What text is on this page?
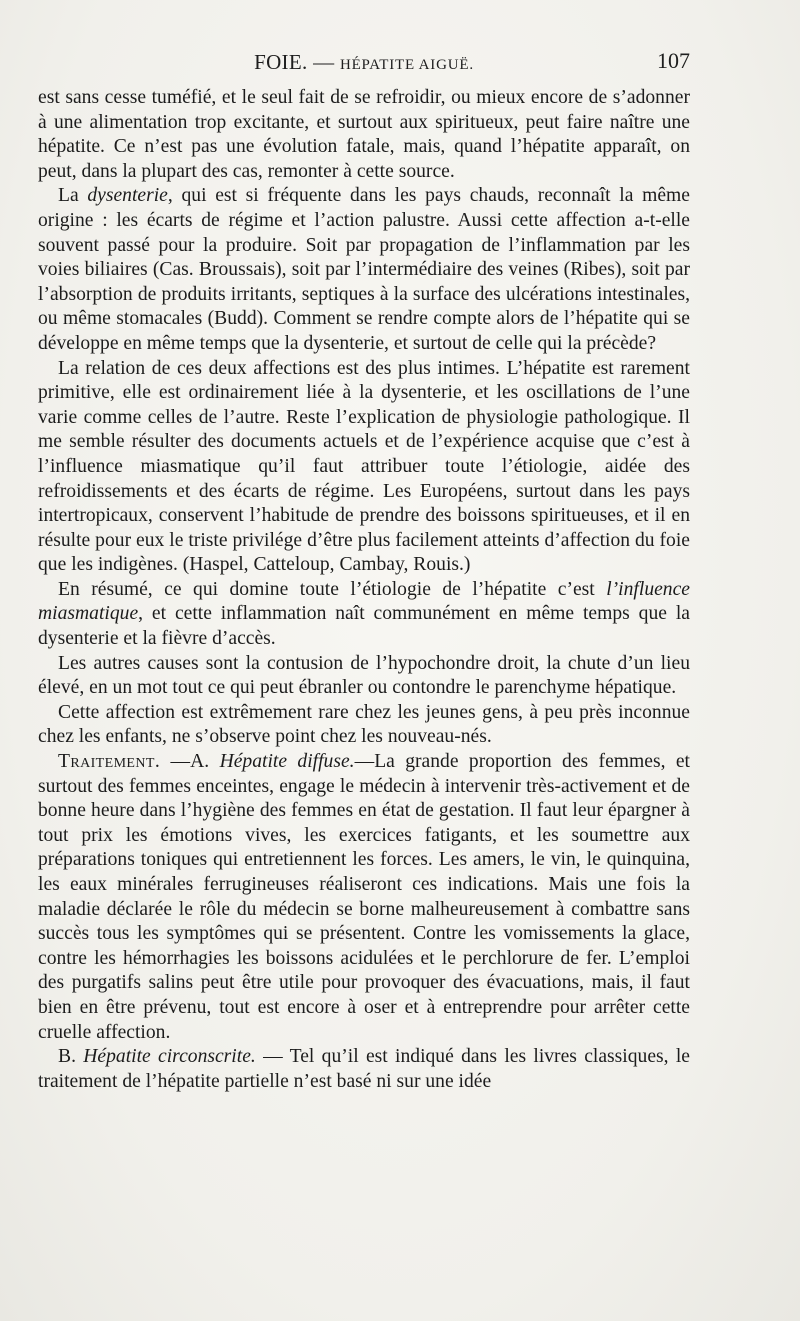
FOIE. — HÉPATITE AIGUË.	107

est sans cesse tuméfié, et le seul fait de se refroidir, ou mieux encore de s’adonner à une alimentation trop excitante, et surtout aux spiritueux, peut faire naître une hépatite. Ce n’est pas une évolution fatale, mais, quand l’hépatite apparaît, on peut, dans la plupart des cas, remonter à cette source.

La dysenterie, qui est si fréquente dans les pays chauds, reconnaît la même origine : les écarts de régime et l’action palustre. Aussi cette affection a-t-elle souvent passé pour la produire. Soit par propagation de l’inflammation par les voies biliaires (Cas. Broussais), soit par l’intermédiaire des veines (Ribes), soit par l’absorption de produits irritants, septiques à la surface des ulcérations intestinales, ou même stomacales (Budd). Comment se rendre compte alors de l’hépatite qui se développe en même temps que la dysenterie, et surtout de celle qui la précède?

La relation de ces deux affections est des plus intimes. L’hépatite est rarement primitive, elle est ordinairement liée à la dysenterie, et les oscillations de l’une varie comme celles de l’autre. Reste l’explication de physiologie pathologique. Il me semble résulter des documents actuels et de l’expérience acquise que c’est à l’influence miasmatique qu’il faut attribuer toute l’étiologie, aidée des refroidissements et des écarts de régime. Les Européens, surtout dans les pays intertropicaux, conservent l’habitude de prendre des boissons spiritueuses, et il en résulte pour eux le triste privilége d’être plus facilement atteints d’affection du foie que les indigènes. (Haspel, Catteloup, Cambay, Rouis.)

En résumé, ce qui domine toute l’étiologie de l’hépatite c’est l’influence miasmatique, et cette inflammation naît communément en même temps que la dysenterie et la fièvre d’accès.

Les autres causes sont la contusion de l’hypochondre droit, la chute d’un lieu élevé, en un mot tout ce qui peut ébranler ou contondre le parenchyme hépatique.

Cette affection est extrêmement rare chez les jeunes gens, à peu près inconnue chez les enfants, ne s’observe point chez les nouveau-nés.

Traitement. —A. Hépatite diffuse.—La grande proportion des femmes, et surtout des femmes enceintes, engage le médecin à intervenir très-activement et de bonne heure dans l’hygiène des femmes en état de gestation. Il faut leur épargner à tout prix les émotions vives, les exercices fatigants, et les soumettre aux préparations toniques qui entretiennent les forces. Les amers, le vin, le quinquina, les eaux minérales ferrugineuses réaliseront ces indications. Mais une fois la maladie déclarée le rôle du médecin se borne malheureusement à combattre sans succès tous les symptômes qui se présentent. Contre les vomissements la glace, contre les hémorrhagies les boissons acidulées et le perchlorure de fer. L’emploi des purgatifs salins peut être utile pour provoquer des évacuations, mais, il faut bien en être prévenu, tout est encore à oser et à entreprendre pour arrêter cette cruelle affection.

B. Hépatite circonscrite. — Tel qu’il est indiqué dans les livres classiques, le traitement de l’hépatite partielle n’est basé ni sur une idée
